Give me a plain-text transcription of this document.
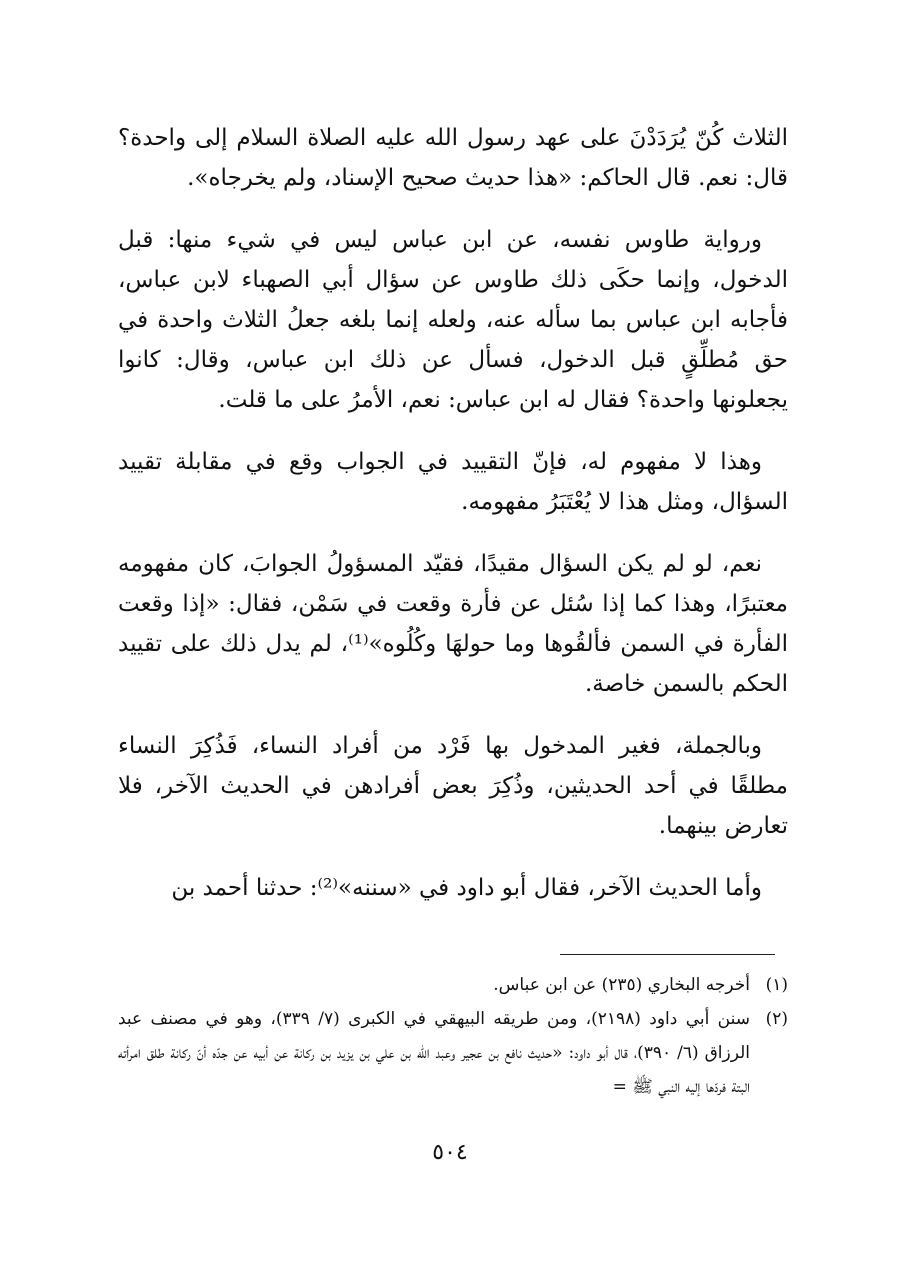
الثلاث كُنّ يُرَدَدْنَ على عهد رسول الله عليه الصلاة السلام إلى واحدة؟ قال: نعم. قال الحاكم: «هذا حديث صحيح الإسناد، ولم يخرجاه».

ورواية طاوس نفسه، عن ابن عباس ليس في شيء منها: قبل الدخول، وإنما حكَى ذلك طاوس عن سؤال أبي الصهباء لابن عباس، فأجابه ابن عباس بما سأله عنه، ولعله إنما بلغه جعلُ الثلاث واحدة في حق مُطلِّقٍ قبل الدخول، فسأل عن ذلك ابن عباس، وقال: كانوا يجعلونها واحدة؟ فقال له ابن عباس: نعم، الأمرُ على ما قلت.

وهذا لا مفهوم له، فإنّ التقييد في الجواب وقع في مقابلة تقييد السؤال، ومثل هذا لا يُعْتَبَرُ مفهومه.

نعم، لو لم يكن السؤال مقيدًا، فقيّد المسؤولُ الجوابَ، كان مفهومه معتبرًا، وهذا كما إذا سُئل عن فأرة وقعت في سَمْن، فقال: «إذا وقعت الفأرة في السمن فألقُوها وما حولهَا وكُلُوه»⁽¹⁾، لم يدل ذلك على تقييد الحكم بالسمن خاصة.

وبالجملة، فغير المدخول بها فَرْد من أفراد النساء، فَذُكِرَ النساء مطلقًا في أحد الحديثين، وذُكِرَ بعض أفرادهن في الحديث الآخر، فلا تعارض بينهما.

وأما الحديث الآخر، فقال أبو داود في «سننه»⁽²⁾: حدثنا أحمد بن

(١)
أخرجه البخاري (٢٣٥) عن ابن عباس.
(٢)
سنن أبي داود (٢١٩٨)، ومن طريقه البيهقي في الكبرى (٧/ ٣٣٩)، وهو في مصنف عبد الرزاق (٦/ ٣٩٠)، قال أبو داود: «حديث نافع بن عجير وعبد الله بن علي بن يزيد بن ركانة عن أبيه عن جدّه أنّ ركانة طلق امرأته البتة فردّها إليه النبي ﷺ =
٥٠٤
